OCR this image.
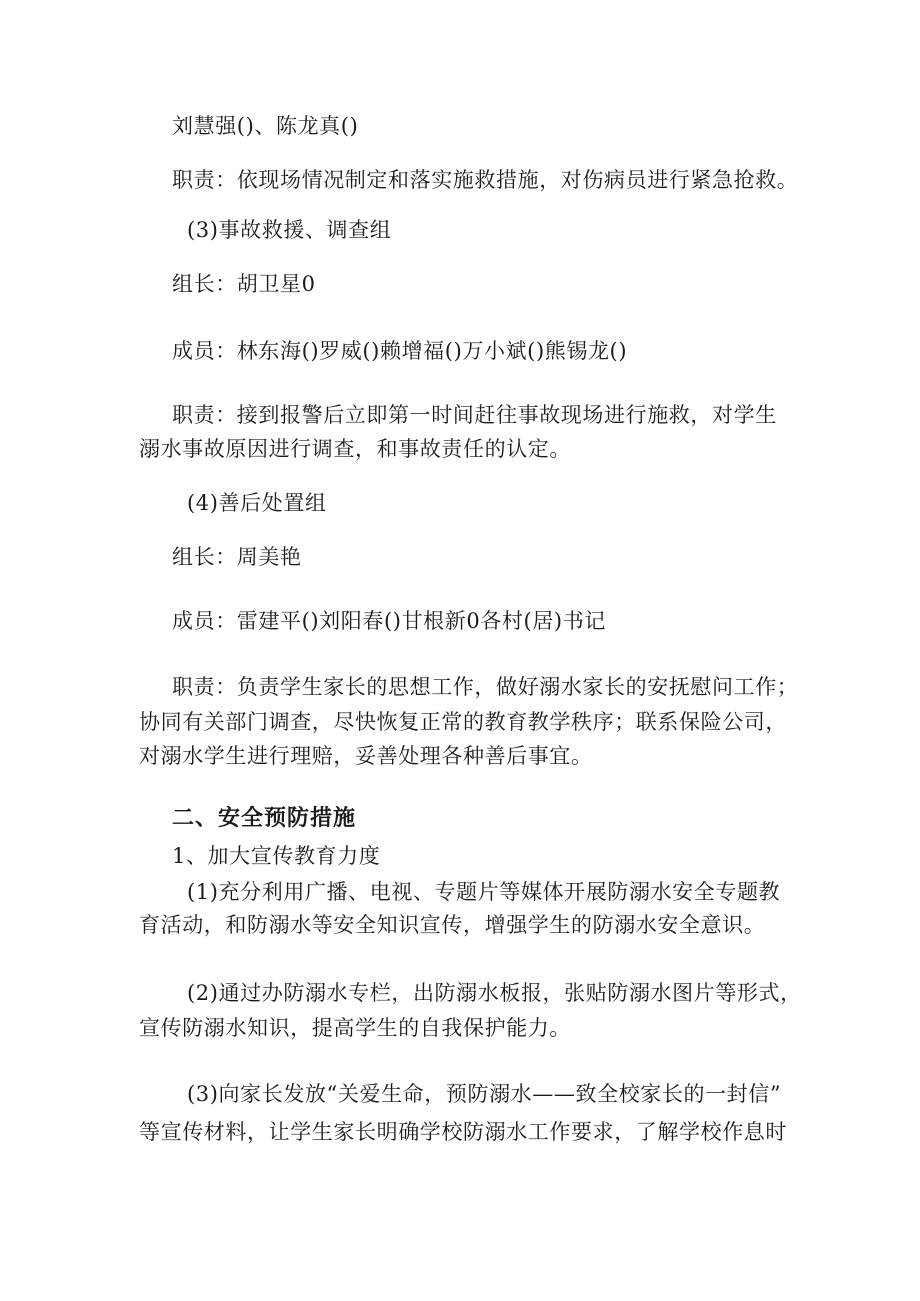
刘慧强()、陈龙真()

职责：依现场情况制定和落实施救措施，对伤病员进行紧急抢救。

(3)事故救援、调查组

组长：胡卫星0

成员：林东海()罗威()赖增福()万小斌()熊锡龙()

职责：接到报警后立即第一时间赶往事故现场进行施救，对学生

溺水事故原因进行调查，和事故责任的认定。

(4)善后处置组

组长：周美艳

成员：雷建平()刘阳春()甘根新0各村(居)书记

职责：负责学生家长的思想工作，做好溺水家长的安抚慰问工作；

协同有关部门调查，尽快恢复正常的教育教学秩序；联系保险公司，

对溺水学生进行理赔，妥善处理各种善后事宜。

二、安全预防措施

1、加大宣传教育力度

(1)充分利用广播、电视、专题片等媒体开展防溺水安全专题教

育活动，和防溺水等安全知识宣传，增强学生的防溺水安全意识。

(2)通过办防溺水专栏，出防溺水板报，张贴防溺水图片等形式，

宣传防溺水知识，提高学生的自我保护能力。

(3)向家长发放“关爱生命，预防溺水——致全校家长的一封信”

等宣传材料，让学生家长明确学校防溺水工作要求，了解学校作息时
